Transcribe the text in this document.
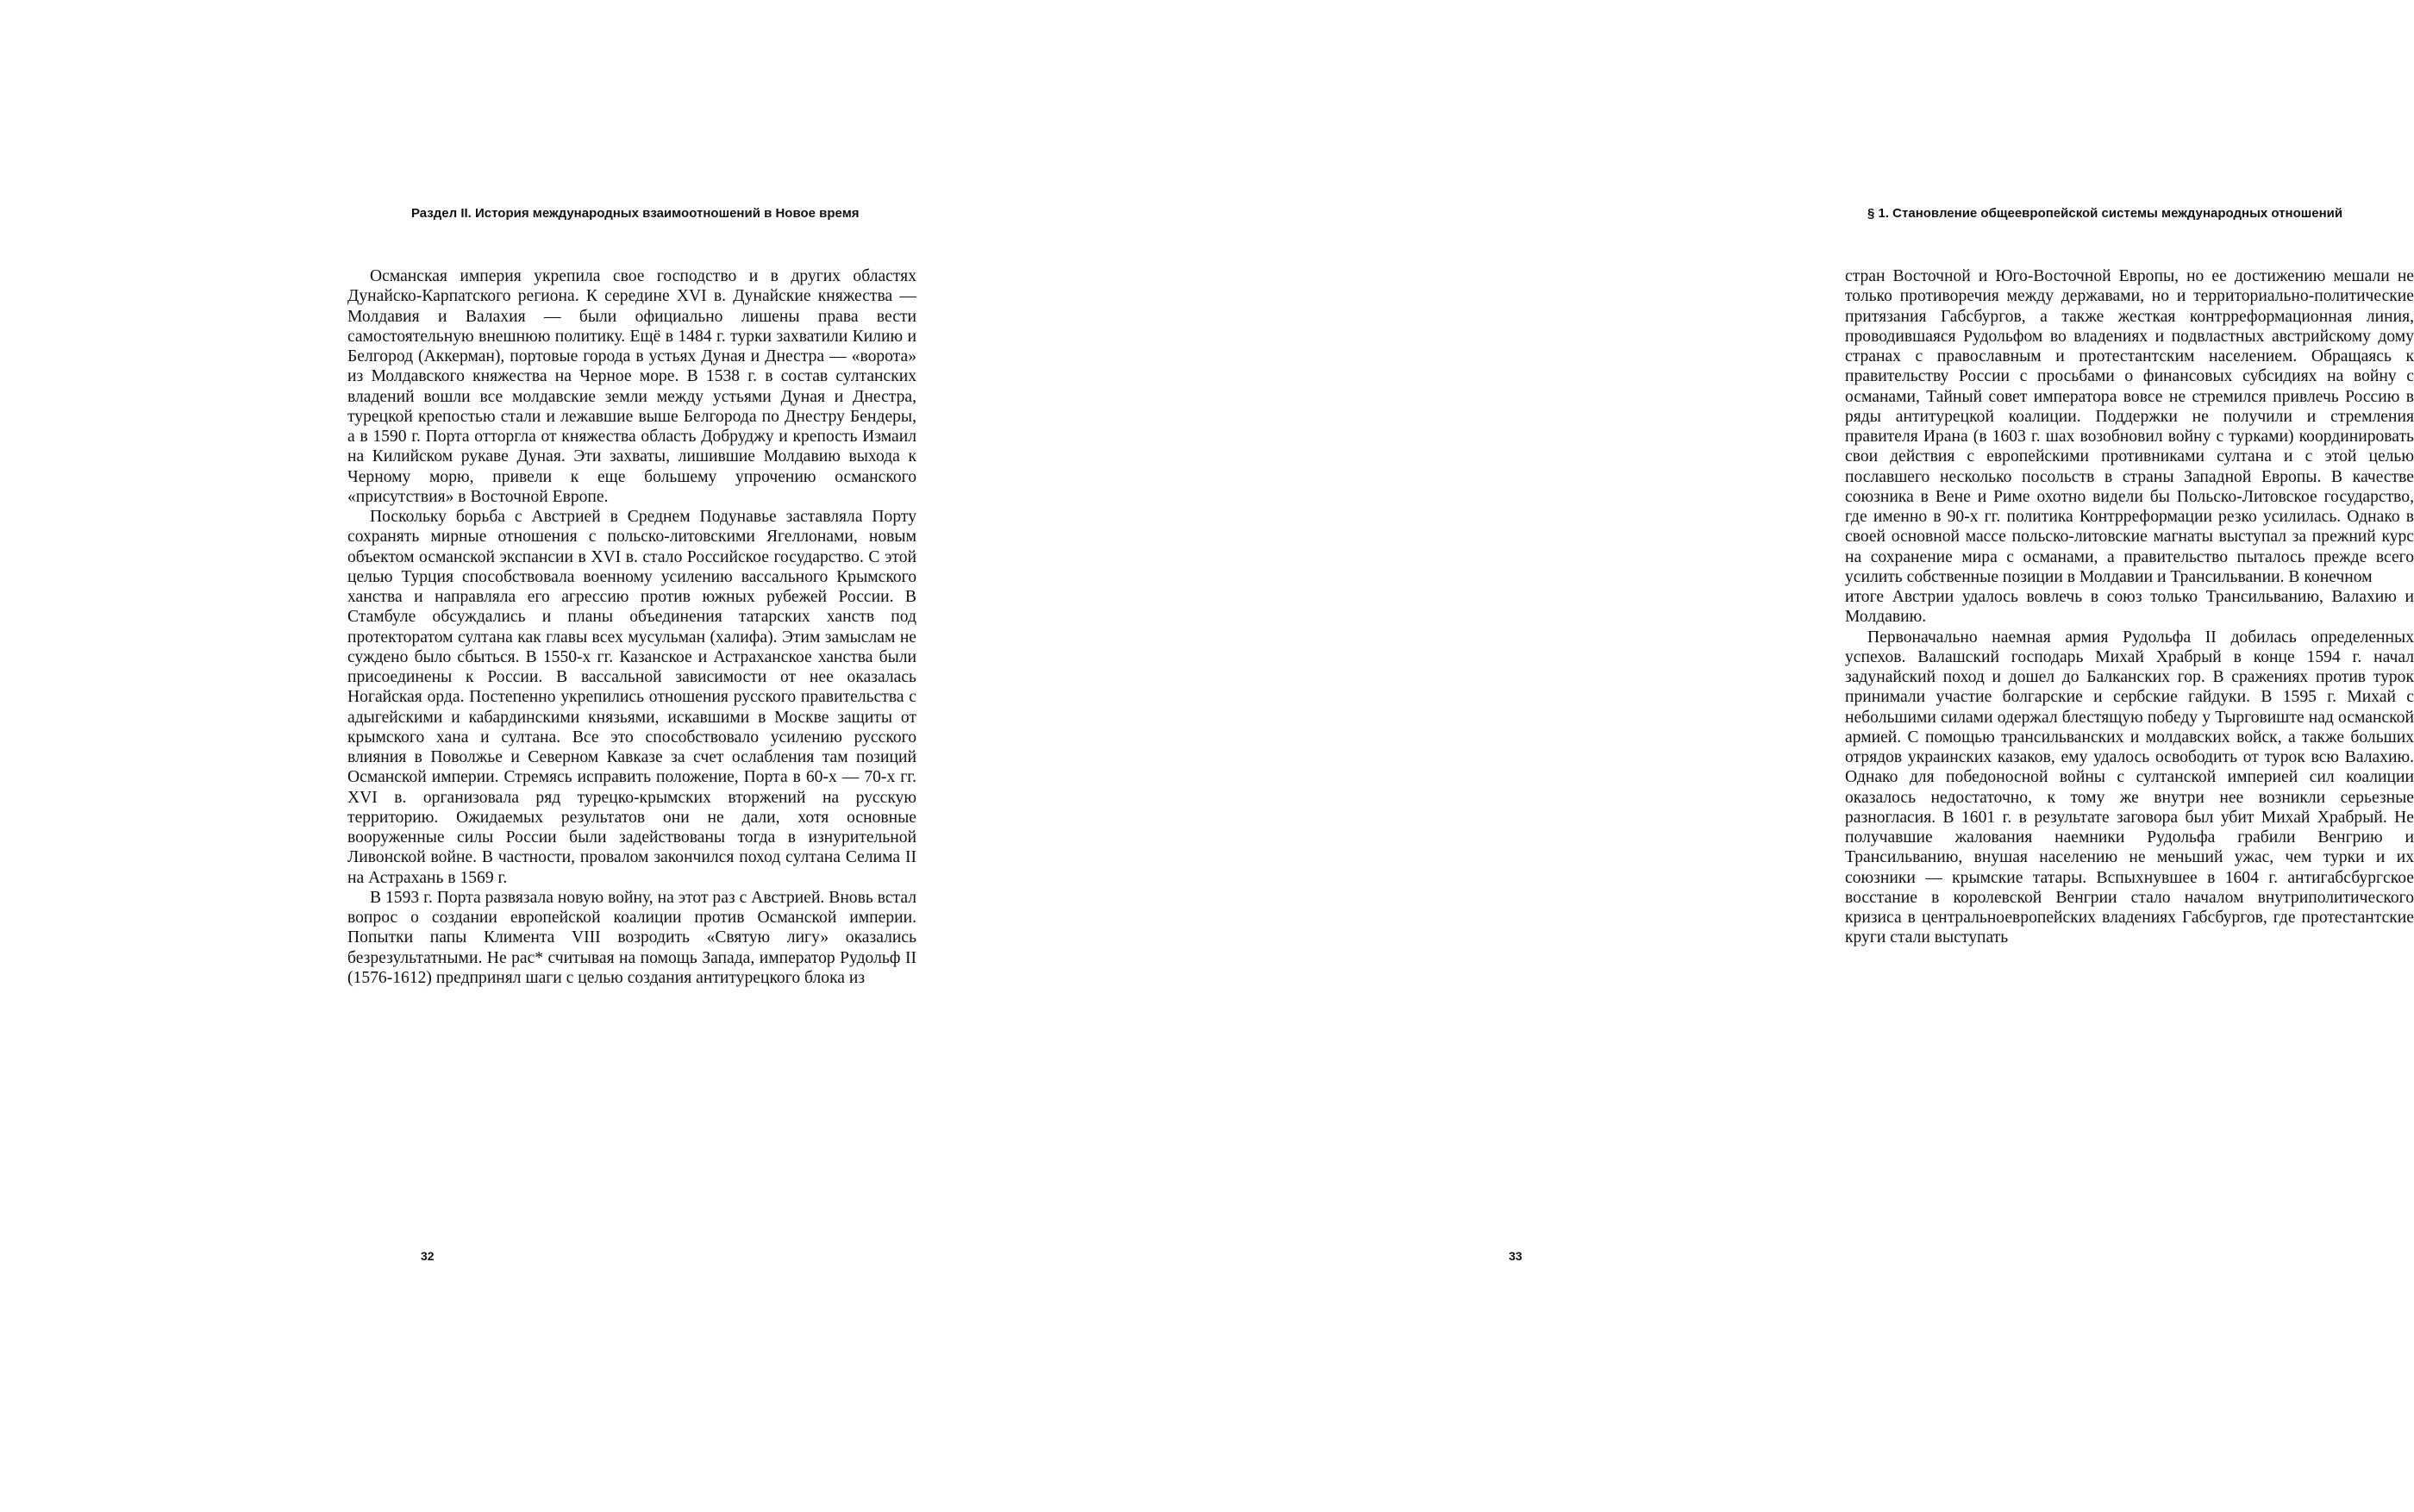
Раздел II. История международных взаимоотношений в Новое время

Османская империя укрепила свое господство и в других областях Дунайско-Карпатского региона. К середине XVI в. Дунайские княжества — Молдавия и Валахия — были официально лишены права вести самостоятельную внешнюю политику. Ещё в 1484 г. турки захватили Килию и Белгород (Аккерман), портовые города в устьях Дуная и Днестра — «ворота» из Молдавского княжества на Черное море. В 1538 г. в состав султанских владений вошли все молдавские земли между устьями Дуная и Днестра, турецкой крепостью стали и лежавшие выше Белгорода по Днестру Бендеры, а в 1590 г. Порта отторгла от княжества область Добруджу и крепость Измаил на Килийском рукаве Дуная. Эти захваты, лишившие Молдавию выхода к Черному морю, привели к еще большему упрочению османского «присутствия» в Восточной Европе.

Поскольку борьба с Австрией в Среднем Подунавье заставляла Порту сохранять мирные отношения с польско-литовскими Ягеллонами, новым объектом османской экспансии в XVI в. стало Российское государство. С этой целью Турция способствовала военному усилению вассального Крымского ханства и направляла его агрессию против южных рубежей России. В Стамбуле обсуждались и планы объединения татарских ханств под протекторатом султана как главы всех мусульман (халифа). Этим замыслам не суждено было сбыться. В 1550-х гг. Казанское и Астраханское ханства были присоединены к России. В вассальной зависимости от нее оказалась Ногайская орда. Постепенно укрепились отношения русского правительства с адыгейскими и кабардинскими князьями, искавшими в Москве защиты от крымского хана и султана. Все это способствовало усилению русского влияния в Поволжье и Северном Кавказе за счет ослабления там позиций Османской империи. Стремясь исправить положение, Порта в 60-х — 70-х гг. XVI в. организовала ряд турецко-крымских вторжений на русскую территорию. Ожидаемых результатов они не дали, хотя основные вооруженные силы России были задействованы тогда в изнурительной Ливонской войне. В частности, провалом закончился поход султана Селима II на Астрахань в 1569 г.

В 1593 г. Порта развязала новую войну, на этот раз с Австрией. Вновь встал вопрос о создании европейской коалиции против Османской империи. Попытки папы Климента VIII возродить «Святую лигу» оказались безрезультатными. Не рас* считывая на помощь Запада, император Рудольф II (1576-1612) предпринял шаги с целью создания антитурецкого блока из

32
§ 1. Становление общеевропейской системы международных отношений

стран Восточной и Юго-Восточной Европы, но ее достижению мешали не только противоречия между державами, но и территориально-политические притязания Габсбургов, а также жесткая контрреформационная линия, проводившаяся Рудольфом во владениях и подвластных австрийскому дому странах с православным и протестантским населением. Обращаясь к правительству России с просьбами о финансовых субсидиях на войну с османами, Тайный совет императора вовсе не стремился привлечь Россию в ряды антитурецкой коалиции. Поддержки не получили и стремления правителя Ирана (в 1603 г. шах возобновил войну с турками) координировать свои действия с европейскими противниками султана и с этой целью пославшего несколько посольств в страны Западной Европы. В качестве союзника в Вене и Риме охотно видели бы Польско-Литовское государство, где именно в 90-х гг. политика Контрреформации резко усилилась. Однако в своей основной массе польско-литовские магнаты выступал за прежний курс на сохранение мира с османами, а правительство пыталось прежде всего усилить собственные позиции в Молдавии и Трансильвании. В конечном

итоге Австрии удалось вовлечь в союз только Трансильванию, Валахию и Молдавию.

Первоначально наемная армия Рудольфа II добилась определенных успехов. Валашский господарь Михай Храбрый в конце 1594 г. начал задунайский поход и дошел до Балканских гор. В сражениях против турок принимали участие болгарские и сербские гайдуки. В 1595 г. Михай с небольшими силами одержал блестящую победу у Тырговиште над османской армией. С помощью трансильванских и молдавских войск, а также больших отрядов украинских казаков, ему удалось освободить от турок всю Валахию. Однако для победоносной войны с султанской империей сил коалиции оказалось недостаточно, к тому же внутри нее возникли серьезные разногласия. В 1601 г. в результате заговора был убит Михай Храбрый. Не получавшие жалования наемники Рудольфа грабили Венгрию и Трансильванию, внушая населению не меньший ужас, чем турки и их союзники — крымские татары. Вспыхнувшее в 1604 г. антигабсбургское восстание в королевской Венгрии стало началом внутриполитического кризиса в центральноевропейских владениях Габсбургов, где протестантские круги стали выступать

33
